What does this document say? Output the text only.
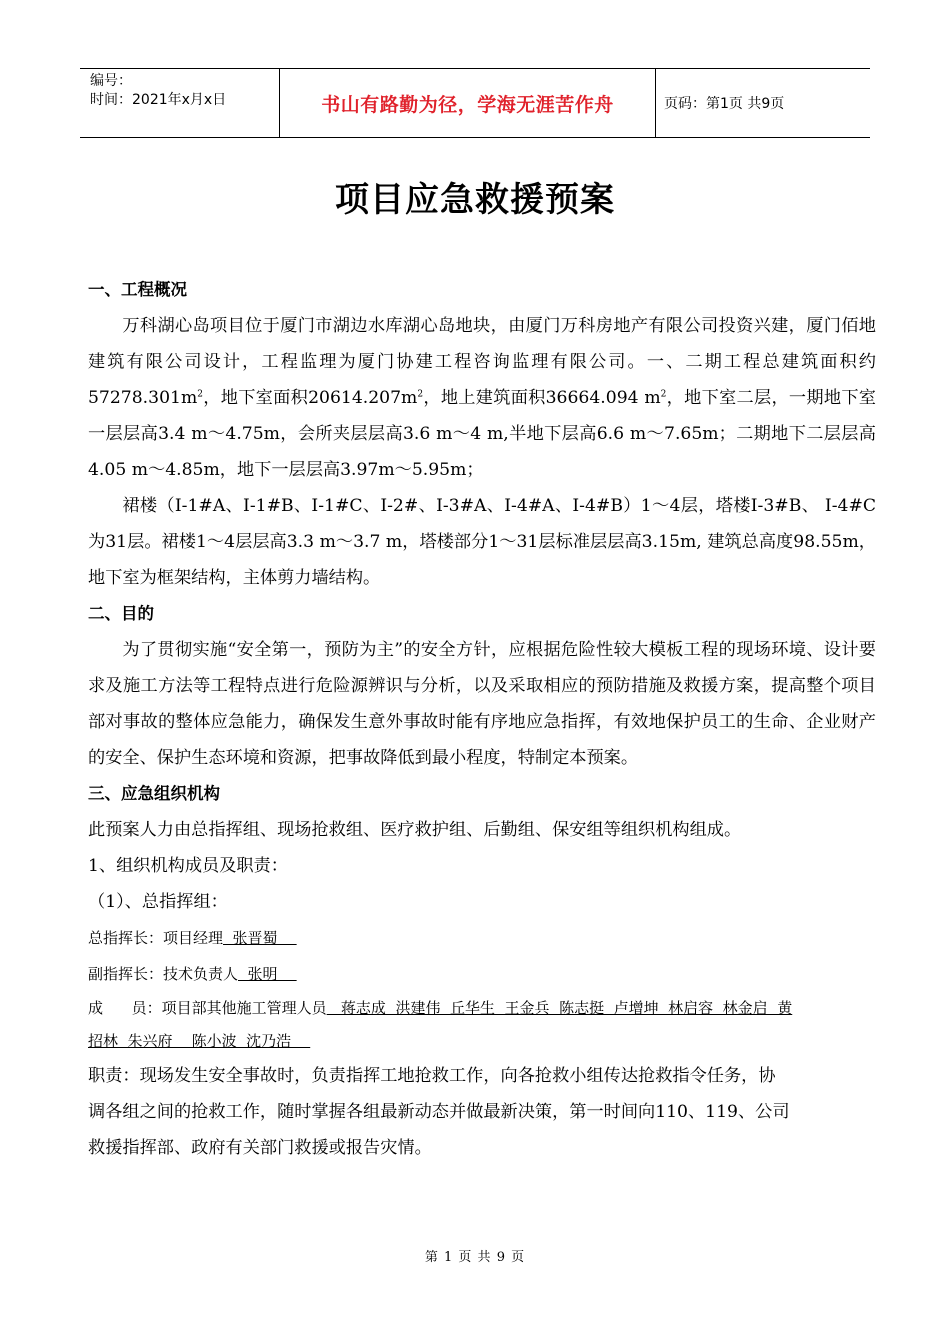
编号：
时间：2021年x月x日	书山有路勤为径，学海无涯苦作舟	页码：第1页 共9页
项目应急救援预案
一、工程概况

万科湖心岛项目位于厦门市湖边水库湖心岛地块，由厦门万科房地产有限公司投资兴建，厦门佰地建筑有限公司设计，工程监理为厦门协建工程咨询监理有限公司。一、二期工程总建筑面积约$57278.301m^2$，地下室面积$20614.207m^2$，地上建筑面积36664.094 $m^2$，地下室二层，一期地下室一层层高3.4 m～4.75m，会所夹层层高3.6 m～4 m,半地下层高6.6 m～7.65m；二期地下二层层高4.05 m～4.85m，地下一层层高3.97m～5.95m；

裙楼（I-1#A、I-1#B、I-1#C、I-2#、I-3#A、I-4#A、I-4#B）1～4层，塔楼I-3#B、 I-4#C为31层。裙楼1～4层层高3.3 m～3.7 m，塔楼部分1～31层标准层层高3.15m, 建筑总高度98.55m，地下室为框架结构，主体剪力墙结构。

二、目的

为了贯彻实施“安全第一，预防为主”的安全方针，应根据危险性较大模板工程的现场环境、设计要求及施工方法等工程特点进行危险源辨识与分析，以及采取相应的预防措施及救援方案，提高整个项目部对事故的整体应急能力，确保发生意外事故时能有序地应急指挥，有效地保护员工的生命、企业财产的安全、保护生态环境和资源，把事故降低到最小程度，特制定本预案。

三、应急组织机构

此预案人力由总指挥组、现场抢救组、医疗救护组、后勤组、保安组等组织机构组成。

1、组织机构成员及职责：

（1）、总指挥组：

总指挥长：项目经理  张晋蜀

副指挥长：技术负责人  张明

成      员：项目部其他施工管理人员   蒋志成  洪建伟  丘华生  王金兵  陈志挺  卢增坤  林启容  林金启  黄

招林  朱兴府    陈小波  沈乃浩

职责：现场发生安全事故时，负责指挥工地抢救工作，向各抢救小组传达抢救指令任务，协

调各组之间的抢救工作，随时掌握各组最新动态并做最新决策，第一时间向110、119、公司

救援指挥部、政府有关部门救援或报告灾情。

第 1 页 共 9 页
